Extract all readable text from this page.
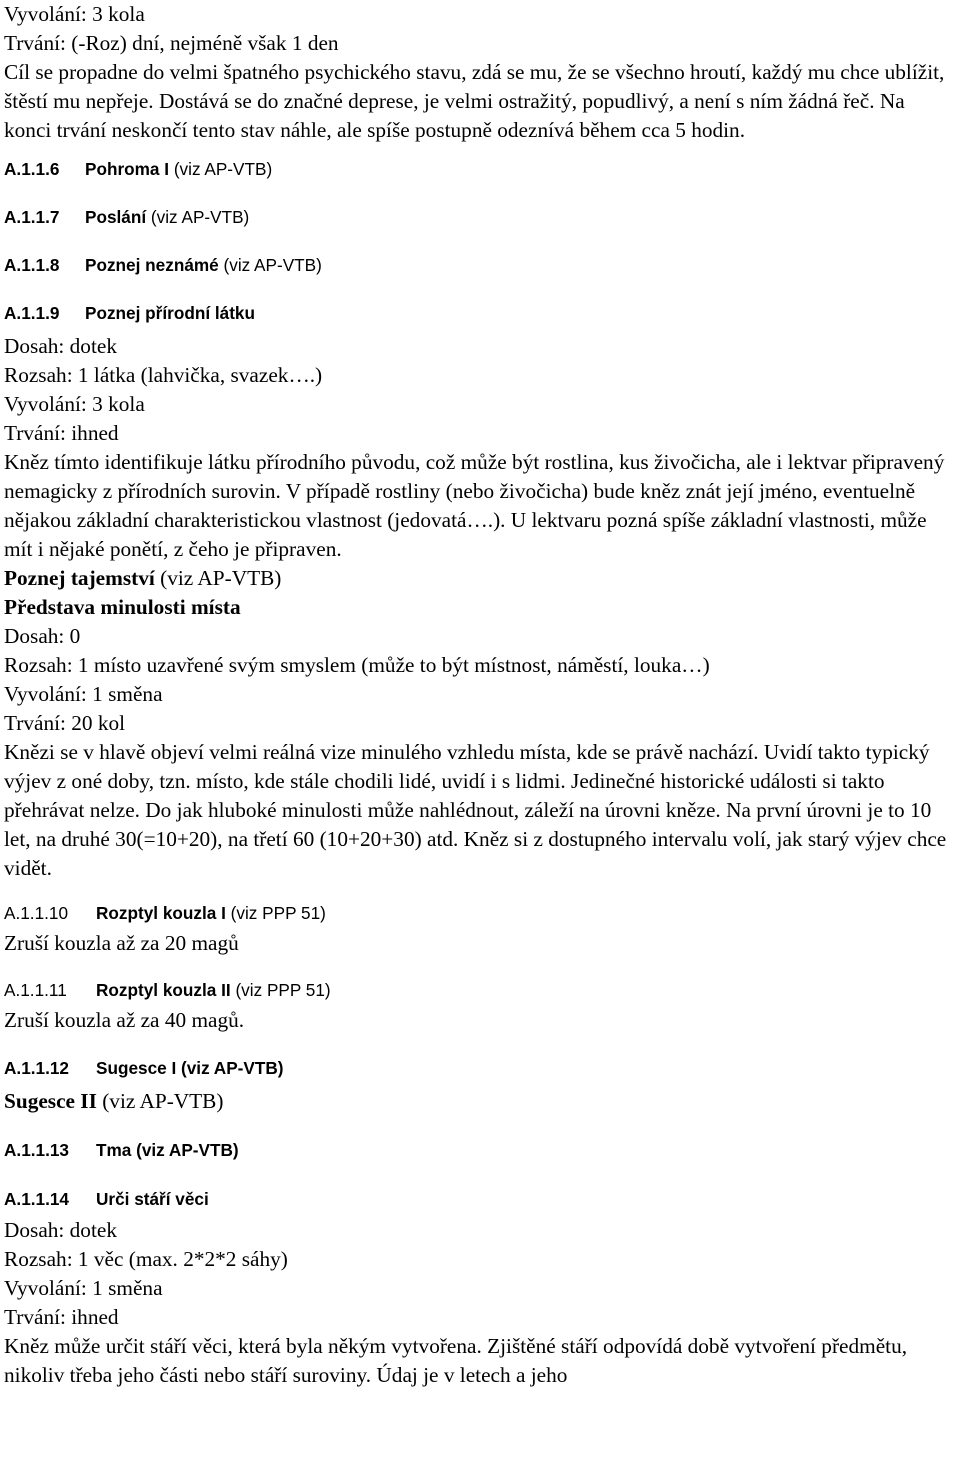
Vyvolání: 3 kola

Trvání: (-Roz) dní, nejméně však 1 den

Cíl se propadne do velmi špatného psychického stavu, zdá se mu, že se všechno hroutí, každý mu chce ublížit, štěstí mu nepřeje. Dostává se do značné deprese, je velmi ostražitý, popudlivý, a není s ním žádná řeč. Na konci trvání neskončí tento stav náhle, ale spíše postupně odeznívá během cca 5 hodin.

A.1.1.6 Pohroma I (viz AP-VTB)

A.1.1.7 Poslání (viz AP-VTB)

A.1.1.8 Poznej neznámé (viz AP-VTB)

A.1.1.9 Poznej přírodní látku

Dosah: dotek

Rozsah: 1 látka (lahvička, svazek….)

Vyvolání: 3 kola

Trvání: ihned

Kněz tímto identifikuje látku přírodního původu, což může být rostlina, kus živočicha, ale i lektvar připravený nemagicky z přírodních surovin. V případě rostliny (nebo živočicha) bude kněz znát její jméno, eventuelně nějakou základní charakteristickou vlastnost (jedovatá….). U lektvaru pozná spíše základní vlastnosti, může mít i nějaké ponětí, z čeho je připraven.

Poznej tajemství (viz AP-VTB)

Představa minulosti místa

Dosah: 0

Rozsah: 1 místo uzavřené svým smyslem (může to být místnost, náměstí, louka…)

Vyvolání: 1 směna

Trvání: 20 kol

Knězi se v hlavě objeví velmi reálná vize minulého vzhledu místa, kde se právě nachází. Uvidí takto typický výjev z oné doby, tzn. místo, kde stále chodili lidé, uvidí i s lidmi. Jedinečné historické události si takto přehrávat nelze. Do jak hluboké minulosti může nahlédnout, záleží na úrovni kněze. Na první úrovni je to 10 let, na druhé 30(=10+20), na třetí 60 (10+20+30) atd. Kněz si z dostupného intervalu volí, jak starý výjev chce vidět.

A.1.1.10 Rozptyl kouzla I (viz PPP 51)

Zruší kouzla až za 20 magů

A.1.1.11 Rozptyl kouzla II (viz PPP 51)

Zruší kouzla až za 40 magů.

A.1.1.12 Sugesce I (viz AP-VTB)

Sugesce II (viz AP-VTB)

A.1.1.13 Tma (viz AP-VTB)

A.1.1.14 Urči stáří věci

Dosah: dotek

Rozsah: 1 věc (max. 2*2*2 sáhy)

Vyvolání: 1 směna

Trvání: ihned

Kněz může určit stáří věci, která byla někým vytvořena. Zjištěné stáří odpovídá době vytvoření předmětu, nikoliv třeba jeho části nebo stáří suroviny. Údaj je v letech a jeho
